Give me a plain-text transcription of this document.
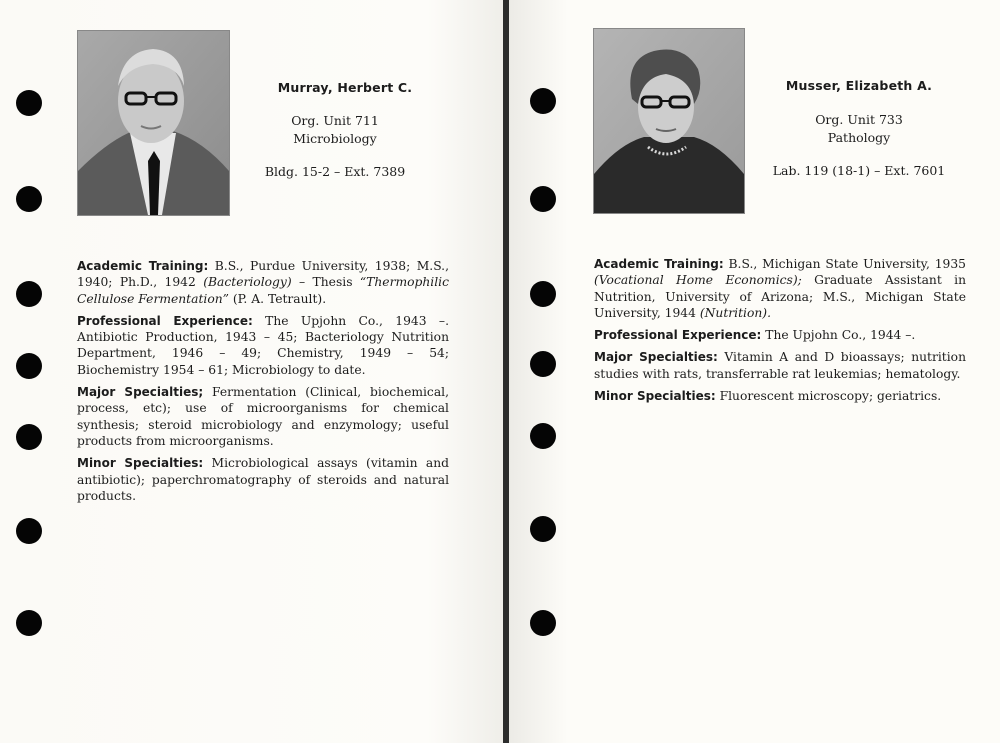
Murray, Herbert C.
Org. Unit 711
Microbiology
Bldg. 15-2 – Ext. 7389

Academic Training: B.S., Purdue University, 1938; M.S., 1940; Ph.D., 1942 (Bacteriology) – Thesis “Thermophilic Cellulose Fermentation” (P. A. Tetrault).

Professional Experience: The Upjohn Co., 1943 –. Antibiotic Production, 1943 – 45; Bacteriology Nutrition Department, 1946 – 49; Chemistry, 1949 – 54; Biochemistry 1954 – 61; Microbiology to date.

Major Specialties; Fermentation (Clinical, biochemical, process, etc); use of microorganisms for chemical synthesis; steroid microbiology and enzymology; useful products from microorganisms.

Minor Specialties: Microbiological assays (vitamin and antibiotic); paperchromatography of steroids and natural products.

Musser, Elizabeth A.
Org. Unit 733
Pathology
Lab. 119 (18-1) – Ext. 7601

Academic Training: B.S., Michigan State University, 1935 (Vocational Home Economics); Graduate Assistant in Nutrition, University of Arizona; M.S., Michigan State University, 1944 (Nutrition).

Professional Experience: The Upjohn Co., 1944 –.

Major Specialties: Vitamin A and D bioassays; nutrition studies with rats, transferrable rat leukemias; hematology.

Minor Specialties: Fluorescent microscopy; geriatrics.
